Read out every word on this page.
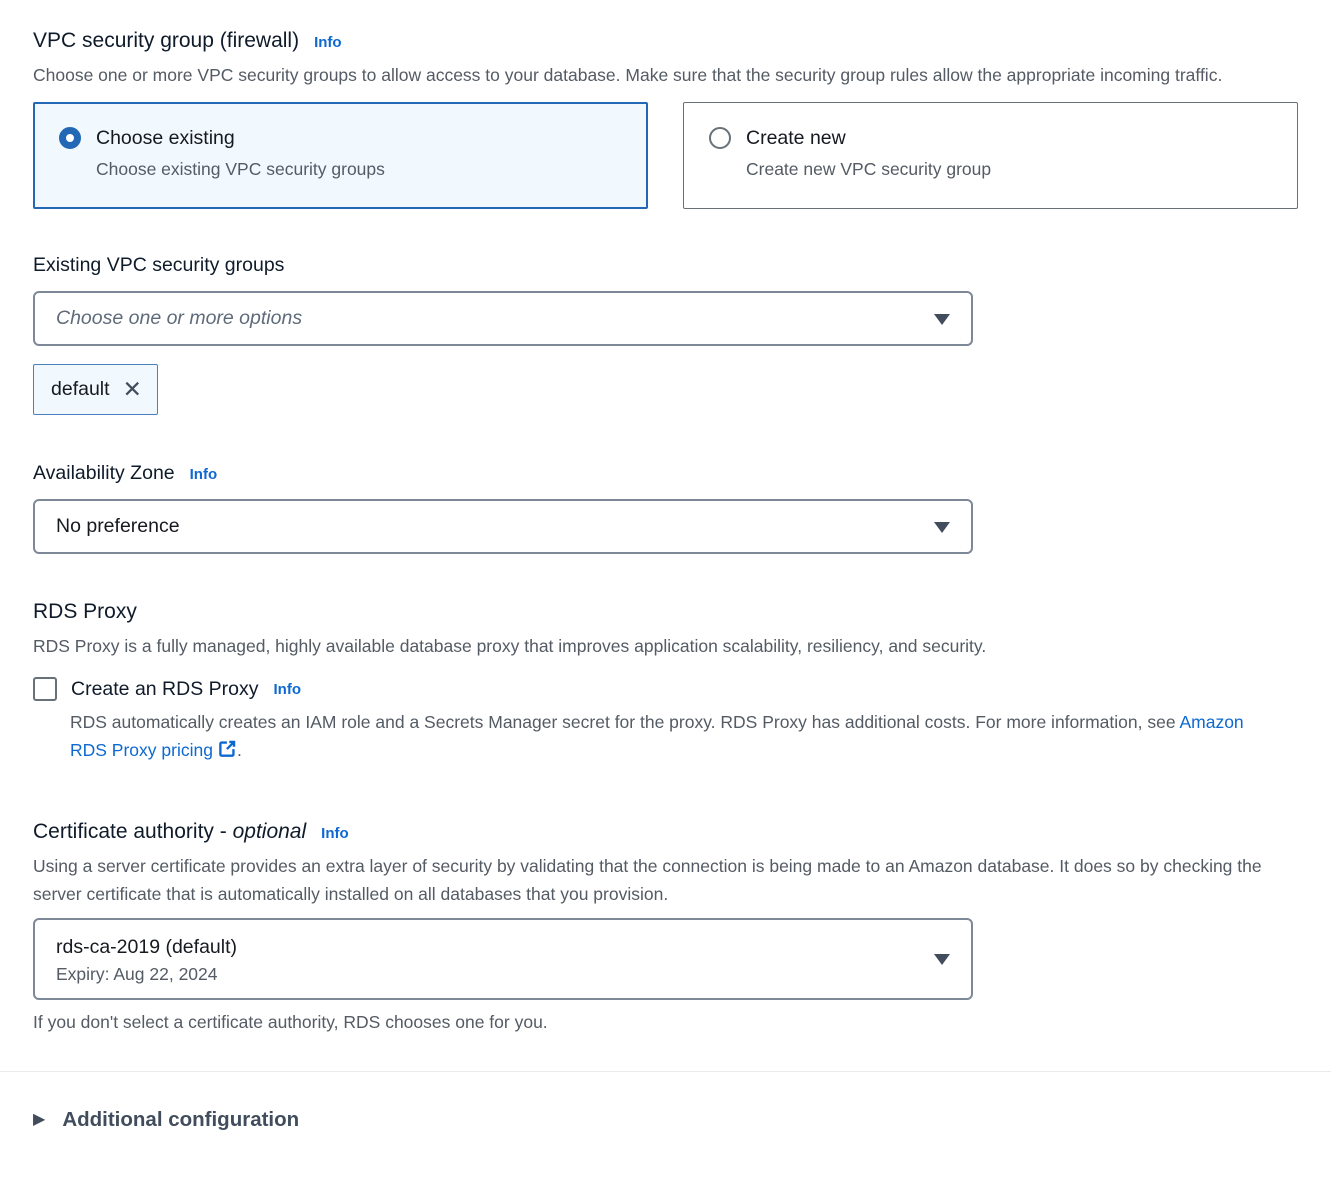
VPC security group (firewall) Info
Choose one or more VPC security groups to allow access to your database. Make sure that the security group rules allow the appropriate incoming traffic.
Choose existing
Choose existing VPC security groups
Create new
Create new VPC security group
Existing VPC security groups
Choose one or more options
default ✕
Availability Zone Info
No preference
RDS Proxy
RDS Proxy is a fully managed, highly available database proxy that improves application scalability, resiliency, and security.
Create an RDS Proxy Info
RDS automatically creates an IAM role and a Secrets Manager secret for the proxy. RDS Proxy has additional costs. For more information, see Amazon RDS Proxy pricing .
Certificate authority - optional Info
Using a server certificate provides an extra layer of security by validating that the connection is being made to an Amazon database. It does so by checking the server certificate that is automatically installed on all databases that you provision.
rds-ca-2019 (default)
Expiry: Aug 22, 2024
If you don't select a certificate authority, RDS chooses one for you.
▶ Additional configuration
